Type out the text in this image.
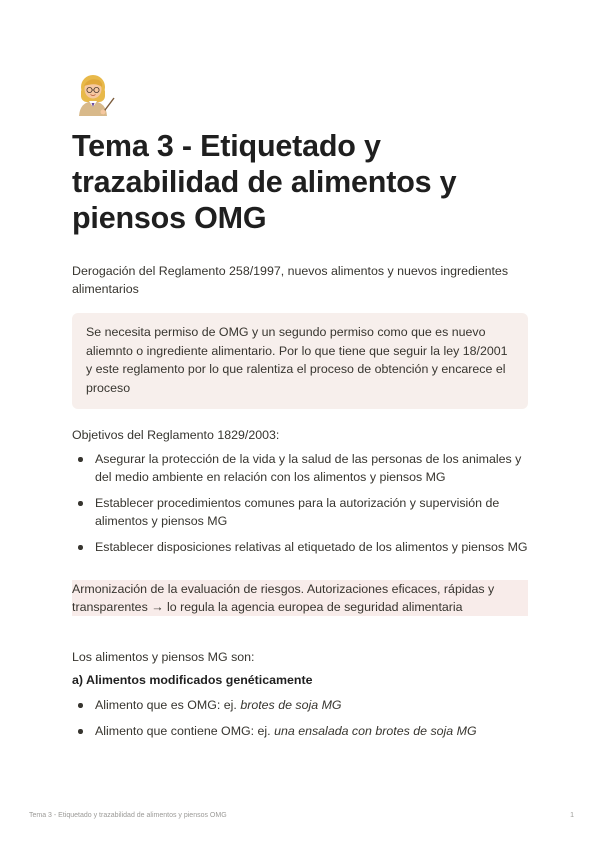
Tema 3 - Etiquetado y trazabilidad de alimentos y piensos OMG

Derogación del Reglamento 258/1997, nuevos alimentos y nuevos ingredientes alimentarios

Se necesita permiso de OMG y un segundo permiso como que es nuevo aliemnto o ingrediente alimentario. Por lo que tiene que seguir la ley 18/2001 y este reglamento por lo que ralentiza el proceso de obtención y encarece el proceso

Objetivos del Reglamento 1829/2003:

Asegurar la protección de la vida y la salud de las personas de los animales y del medio ambiente en relación con los alimentos y piensos MG
Establecer procedimientos comunes para la autorización y supervisión de alimentos y piensos MG
Establecer disposiciones relativas al etiquetado de los alimentos y piensos MG
Armonización de la evaluación de riesgos. Autorizaciones eficaces, rápidas y transparentes → lo regula la agencia europea de seguridad alimentaria

Los alimentos y piensos MG son:

a) Alimentos modificados genéticamente

Alimento que es OMG: ej. brotes de soja MG
Alimento que contiene OMG: ej. una ensalada con brotes de soja MG
Tema 3 - Etiquetado y trazabilidad de alimentos y piensos OMG	1
